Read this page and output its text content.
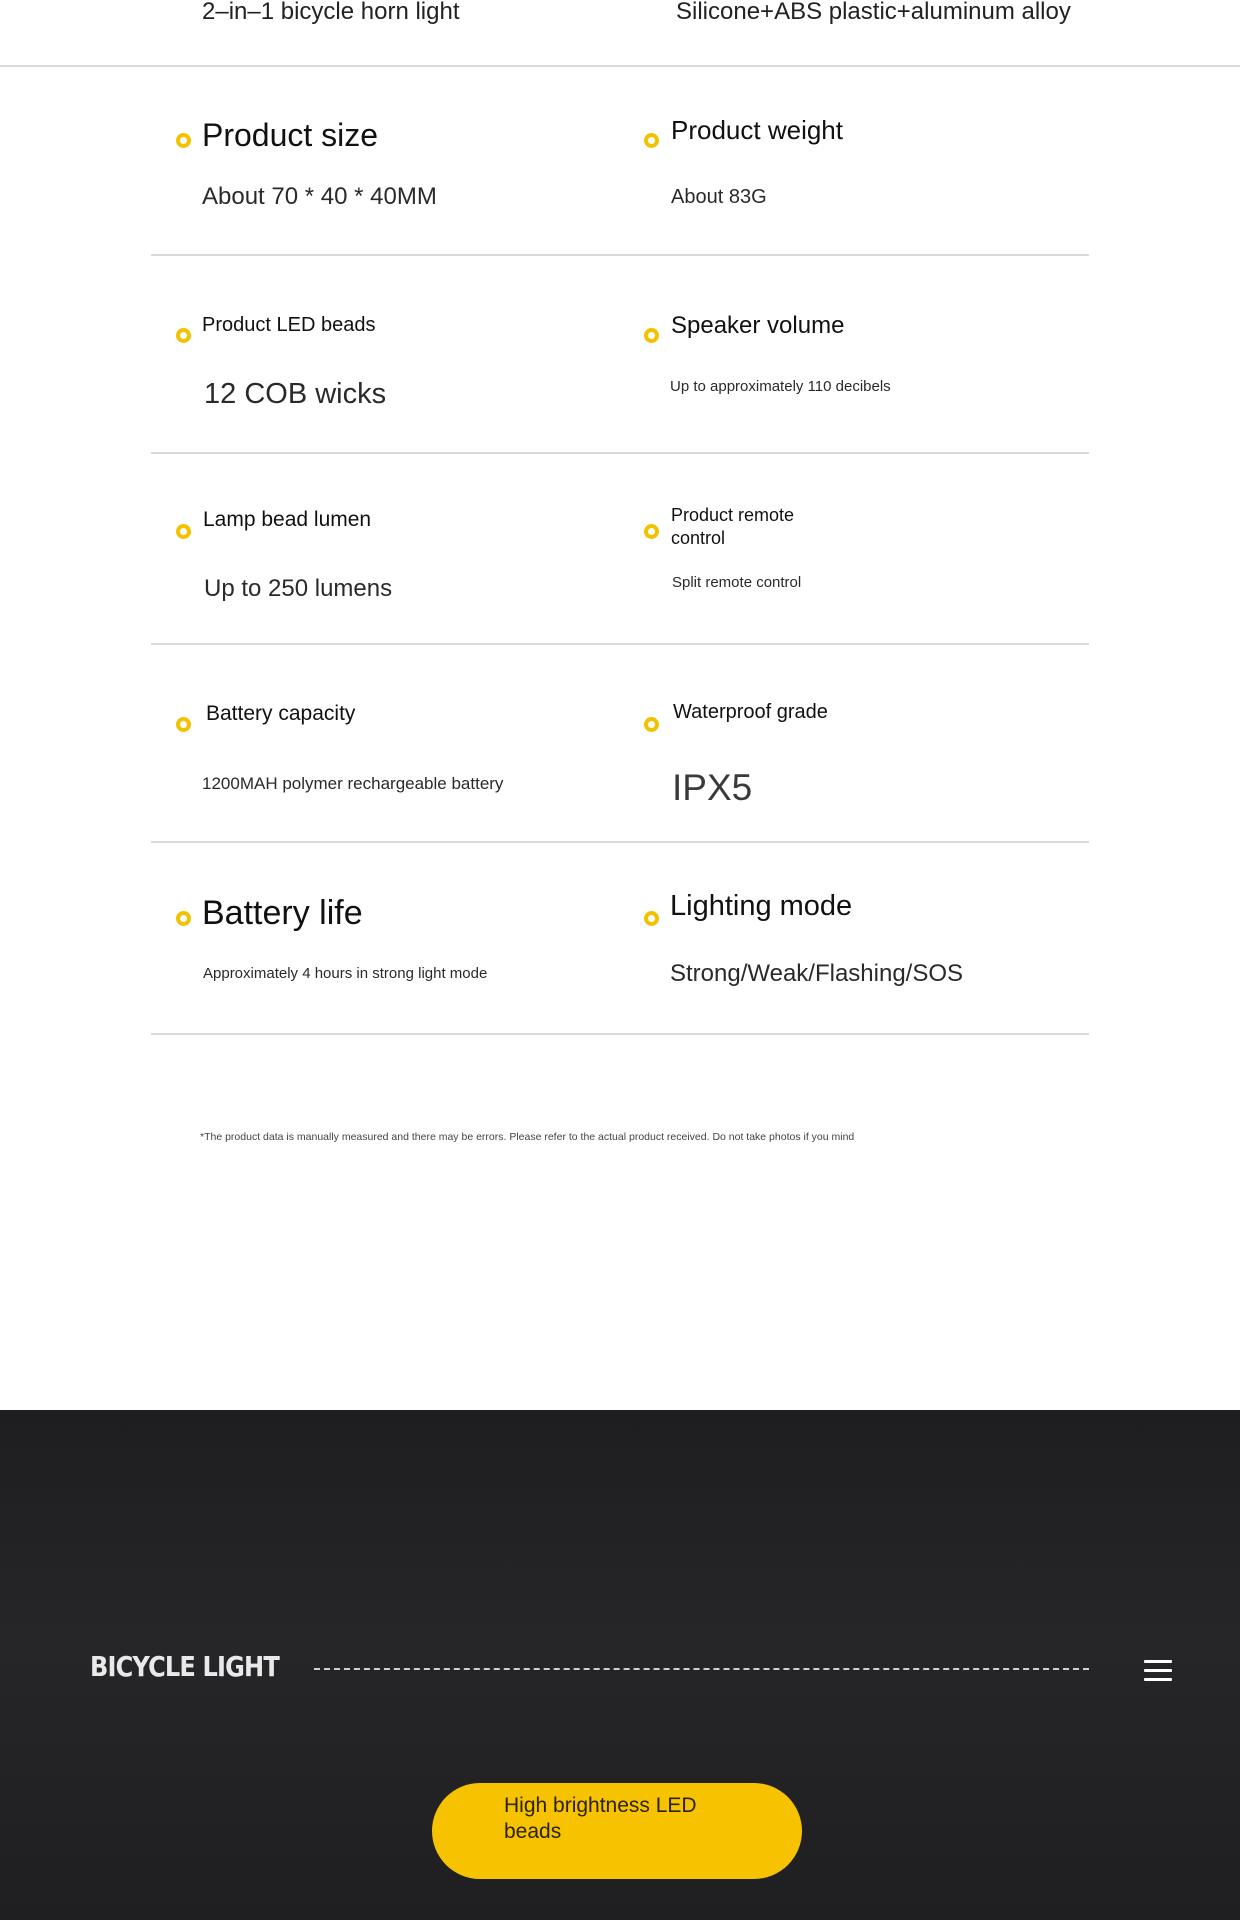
2–in–1 bicycle horn light	Silicone+ABS plastic+aluminum alloy
Product size
About 70 * 40 * 40MM
Product weight
About 83G
Product LED beads
12 COB wicks
Speaker volume
Up to approximately 110 decibels
Lamp bead lumen
Up to 250 lumens
Product remote control
Split remote control
Battery capacity
1200MAH polymer rechargeable battery
Waterproof grade
IPX5
Battery life
Approximately 4 hours in strong light mode
Lighting mode
Strong/Weak/Flashing/SOS
*The product data is manually measured and there may be errors. Please refer to the actual product received. Do not take photos if you mind
BICYCLE LIGHT
High brightness LED beads
